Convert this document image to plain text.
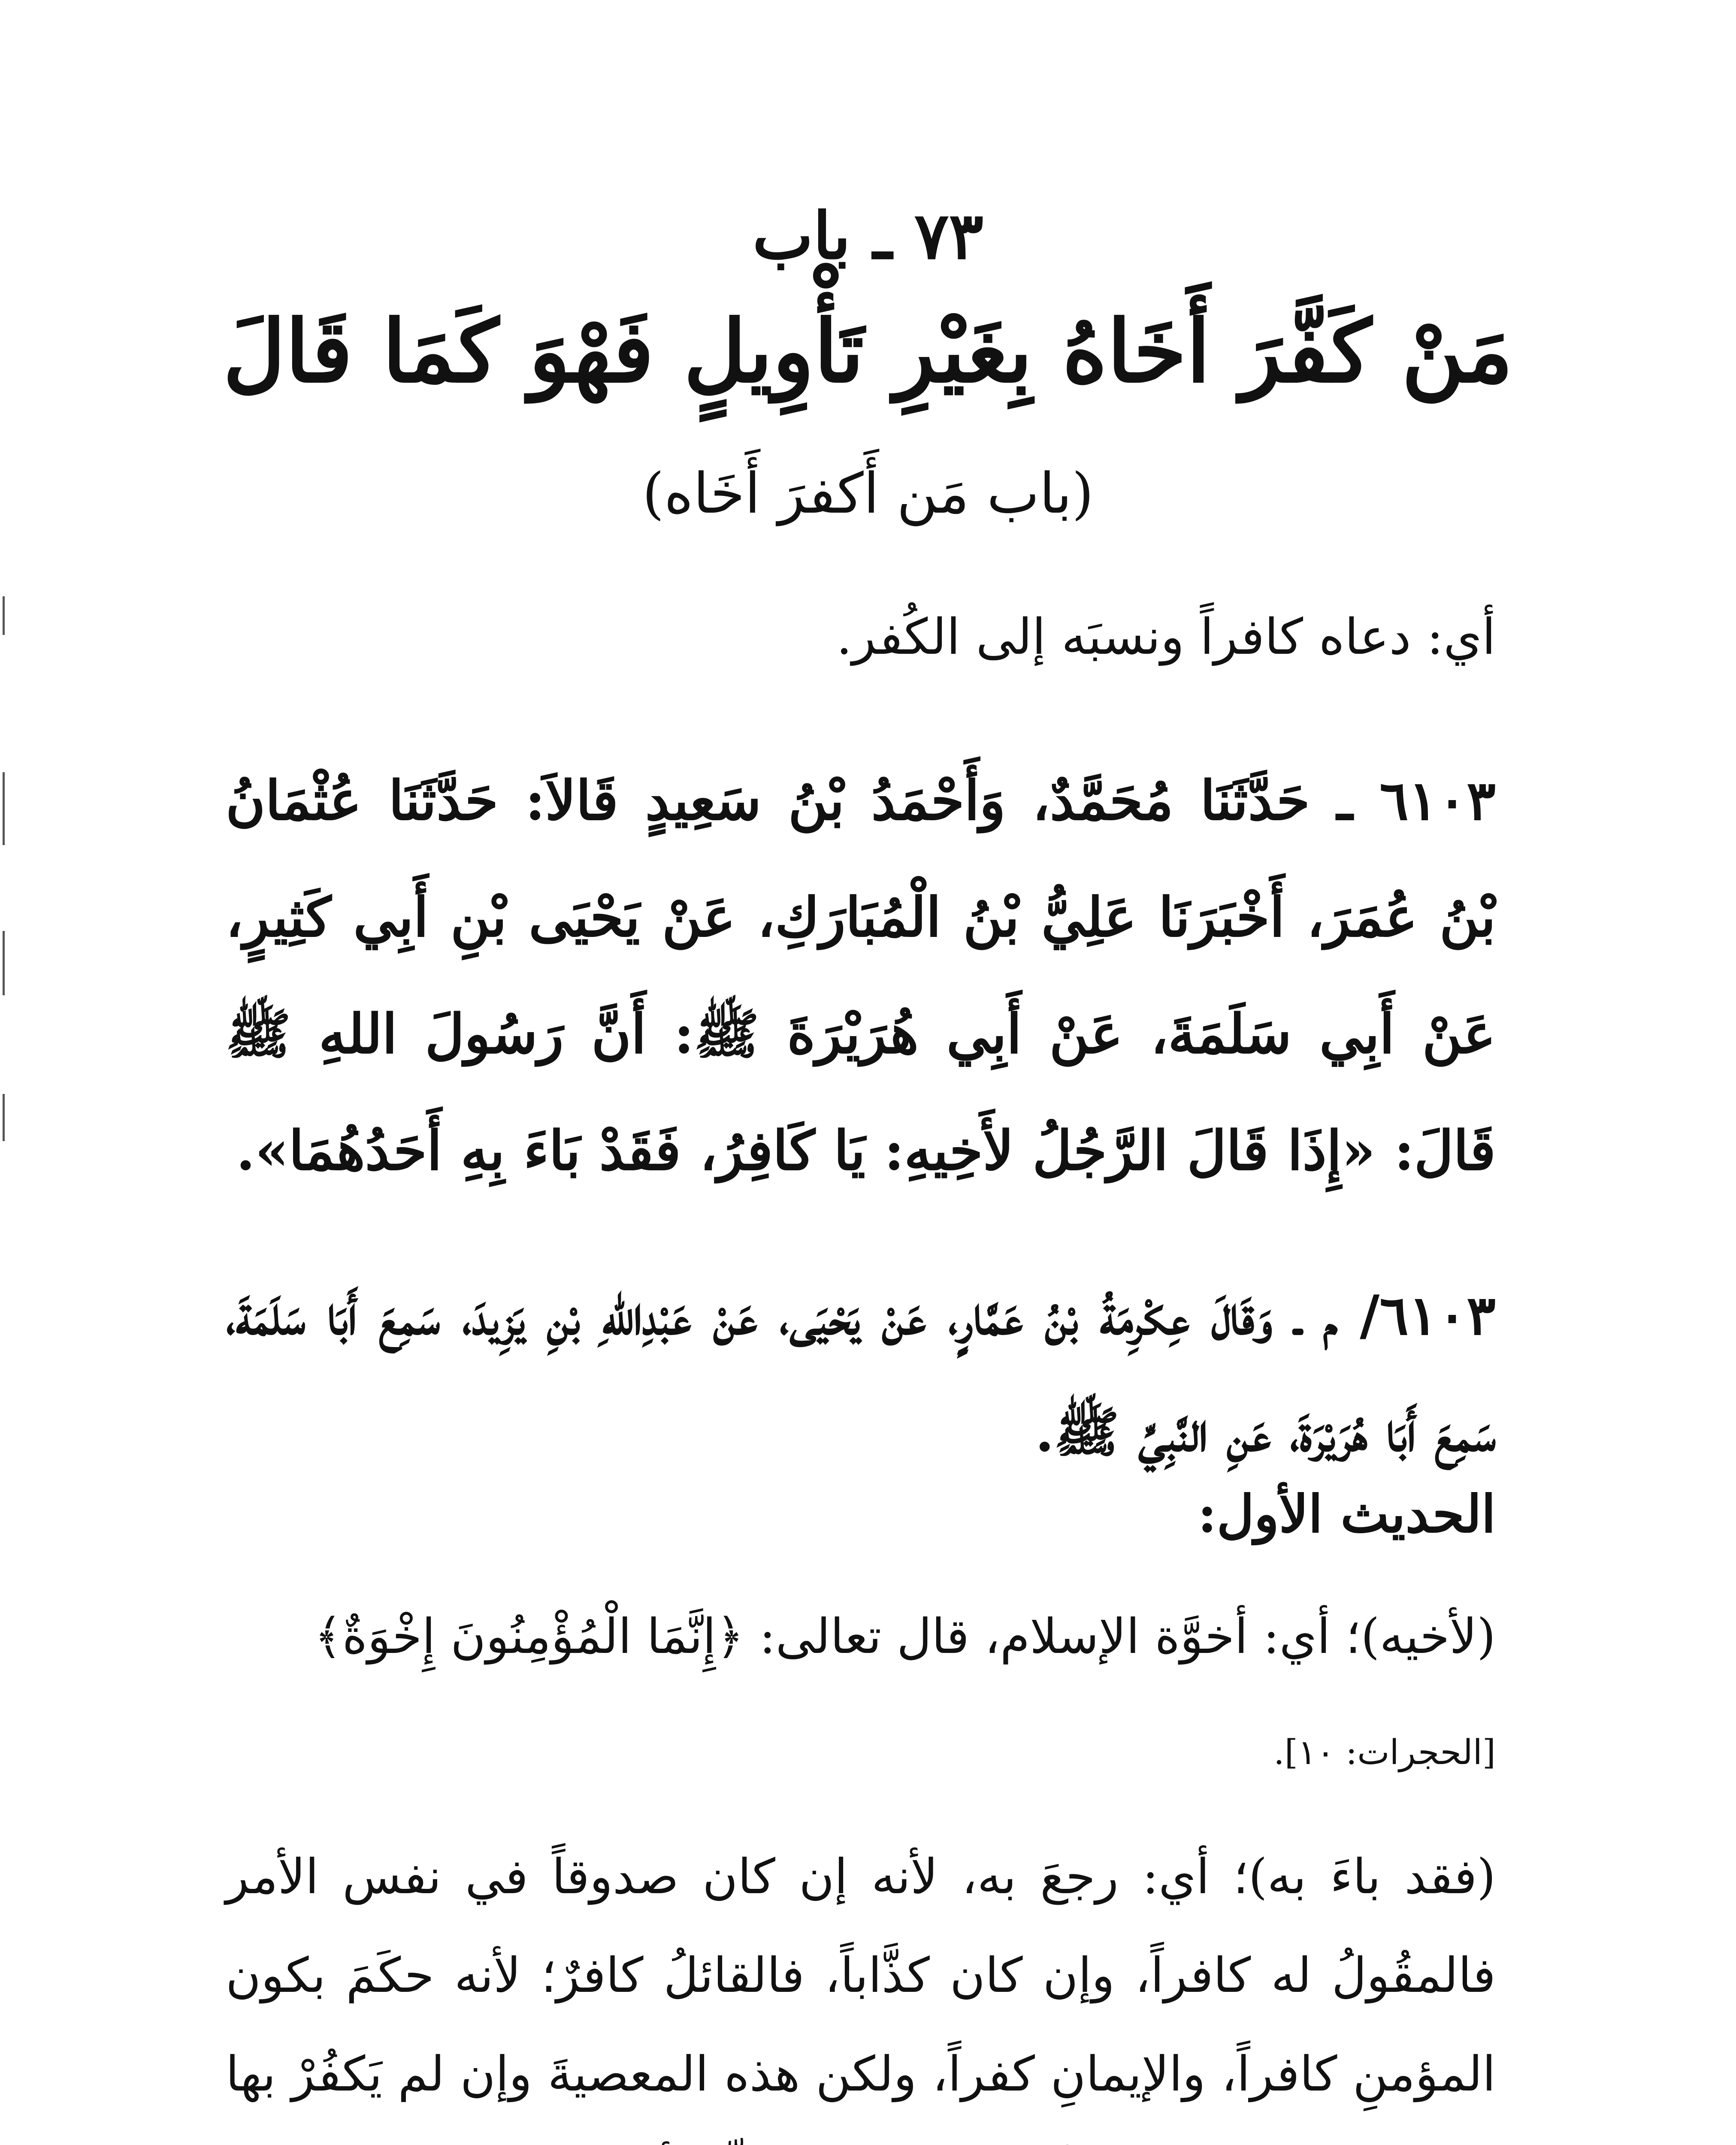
٧٣ ـ باب
مَنْ كَفَّرَ أَخَاهُ بِغَيْرِ تَأْوِيلٍ فَهْوَ كَمَا قَالَ
(باب مَن أَكفرَ أَخَاه)
أي: دعاه كافراً ونسبَه إلى الكُفر.
٦١٠٣ ـ حَدَّثَنَا مُحَمَّدٌ، وَأَحْمَدُ بْنُ سَعِيدٍ قَالاَ: حَدَّثَنَا عُثْمَانُ بْنُ عُمَرَ، أَخْبَرَنَا عَلِيُّ بْنُ الْمُبَارَكِ، عَنْ يَحْيَى بْنِ أَبِي كَثِيرٍ، عَنْ أَبِي سَلَمَةَ، عَنْ أَبِي هُرَيْرَةَ ﷺ: أَنَّ رَسُولَ اللهِ ﷺ قَالَ: «إِذَا قَالَ الرَّجُلُ لأَخِيهِ: يَا كَافِرُ، فَقَدْ بَاءَ بِهِ أَحَدُهُمَا».
٦١٠٣/ م ـ وَقَالَ عِكْرِمَةُ بْنُ عَمَّارٍ، عَنْ يَحْيَى، عَنْ عَبْدِاللهِ بْنِ يَزِيدَ، سَمِعَ أَبَا سَلَمَةَ، سَمِعَ أَبَا هُرَيْرَةَ، عَنِ النَّبِيِّ ﷺ.
الحديث الأول:
(لأخيه)؛ أي: أخوَّة الإسلام، قال تعالى: ﴿إِنَّمَا الْمُؤْمِنُونَ إِخْوَةٌ﴾
[الحجرات: ١٠].
(فقد باءَ به)؛ أي: رجعَ به، لأنه إن كان صدوقاً في نفس الأمر فالمقُولُ له كافراً، وإن كان كذَّاباً، فالقائلُ كافرٌ؛ لأنه حكَمَ بكون المؤمنِ كافراً، والإيمانِ كفراً، ولكن هذه المعصيةَ وإن لم يَكفُرْ بها
